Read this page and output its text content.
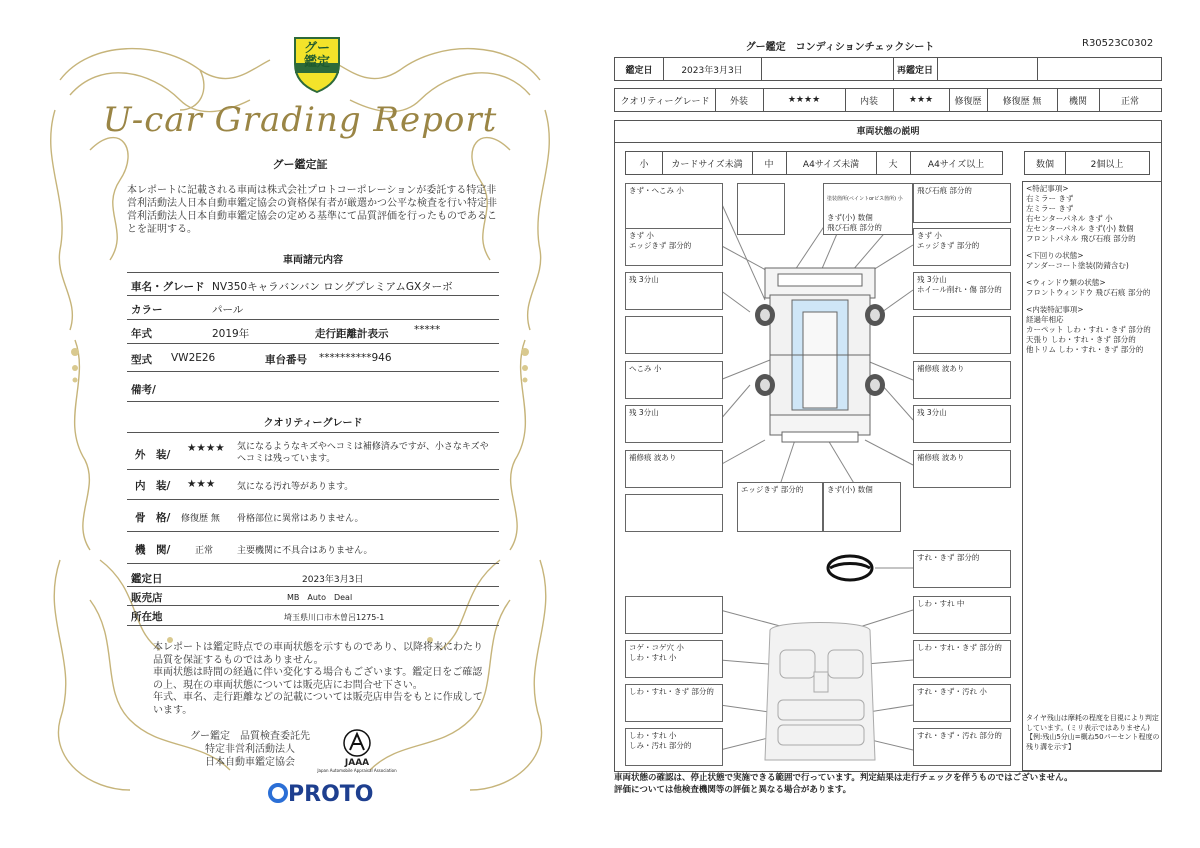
グー
鑑定
U-car Grading Report
グー鑑定証
本レポートに記載される車両は株式会社プロトコーポレーションが委託する特定非営利活動法人日本自動車鑑定協会の資格保有者が厳選かつ公平な検査を行い特定非営利活動法人日本自動車鑑定協会の定める基準にて品質評価を行ったものであることを証明する。
車両諸元内容
車名・グレード NV350キャラバンバン ロングプレミアムGXターボ
カラー	パール
年式	2019年	走行距離計表示 *****
型式 VW2E26	車台番号 **********946
備考/
クオリティーグレード
外　装/
★★★★ 気になるようなキズやヘコミは補修済みですが、小さなキズやヘコミは残っています。
内　装/ ★★★ 気になる汚れ等があります。
骨　格/ 修復歴 無 骨格部位に異常はありません。
機　関/	正常	主要機関に不具合はありません。
鑑定日	2023年3月3日
販売店	MB　Auto　Deal
所在地	埼玉県川口市木曽呂1275-1
本レポートは鑑定時点での車両状態を示すものであり、以降将来にわたり品質を保証するものではありません。
車両状態は時間の経過に伴い変化する場合もございます。鑑定日をご確認の上、現在の車両状態については販売店にお問合せ下さい。
年式、車名、走行距離などの記載については販売店申告をもとに作成しています。
グー鑑定　品質検査委託先
特定非営利活動法人
日本自動車鑑定協会	JAAA
Japan Automobile Appraisal Association
PROTO
グー鑑定　コンディションチェックシート	R30523C0302
鑑定日	2023年3月3日	再鑑定日
クオリティーグレード	外装	★★★★	内装	★★★	修復歴	修復歴 無	機関	正常
車両状態の説明
小	カードサイズ未満	中	A4サイズ未満	大	A4サイズ以上	数個	2個以上
<特記事項>
右ミラー きず
左ミラー きず
右センターパネル きず 小
左センターパネル きず(小) 数個
フロントパネル 飛び石痕 部分的
<下回りの状態>
アンダーコート塗装(防錆含む)
<ウィンドウ類の状態>
フロントウィンドウ 飛び石痕 部分的
<内装特記事項>
経過年相応
カーペット しわ・すれ・きず 部分的
天張り しわ・すれ・きず 部分的
他トリム しわ・すれ・きず 部分的
タイヤ残山は摩耗の程度を目視により判定しています。(ミリ表示ではありません)
【例:残山5分山=概ね50パーセント程度の残り溝を示す】
きず・へこみ 小

塗装箇所(ペイントorビス箇所) 小

きず(小) 数個
飛び石痕 部分的

飛び石痕 部分的
きず 小
エッジきず 部分的
きず 小
エッジきず 部分的
残 3分山	残 3分山
ホイール削れ・傷 部分的
へこみ 小	補修痕 波あり
残 3分山	残 3分山
補修痕 波あり	補修痕 波あり
エッジきず 部分的	きず(小) 数個
すれ・きず 部分的
しわ・すれ 中
コゲ・コゲ穴 小
しわ・すれ 小
しわ・すれ・きず 部分的
しわ・すれ・きず 部分的	すれ・きず・汚れ 小
しわ・すれ 小
しみ・汚れ 部分的
すれ・きず・汚れ 部分的
車両状態の確認は、停止状態で実施できる範囲で行っています。判定結果は走行チェックを伴うものではございません。
評価については他検査機関等の評価と異なる場合があります。
